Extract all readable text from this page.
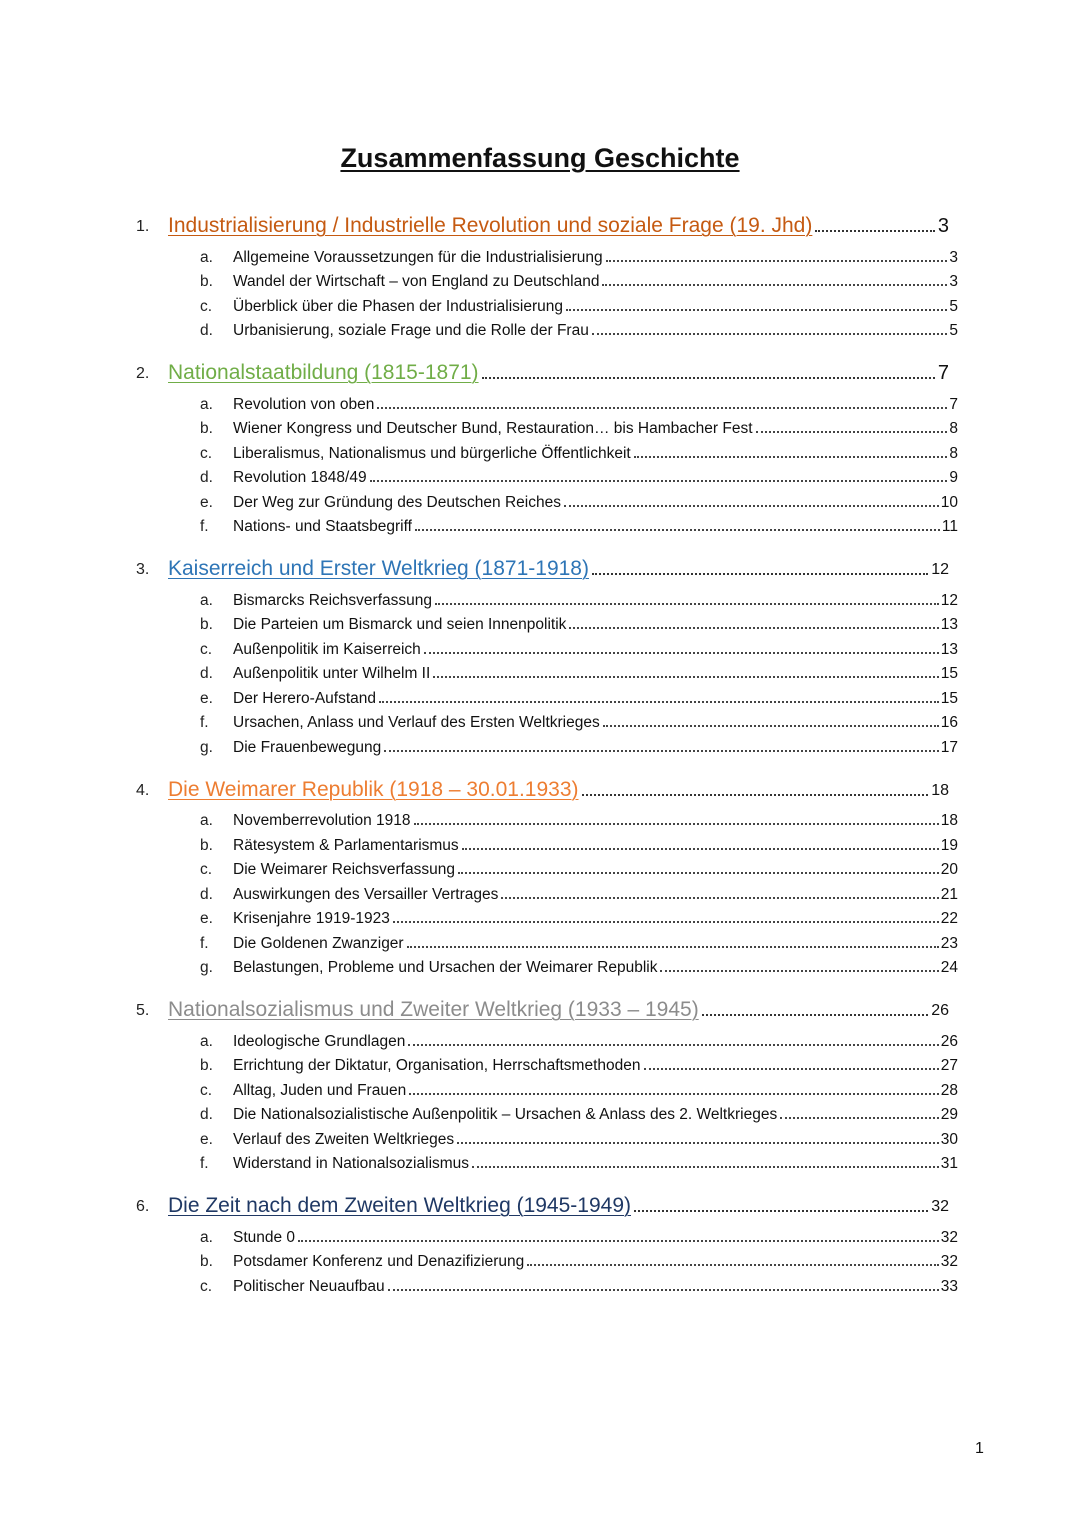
Zusammenfassung Geschichte
1. Industrialisierung / Industrielle Revolution und soziale Frage (19. Jhd)	3
a.	Allgemeine Voraussetzungen für die Industrialisierung	3
b.	Wandel der Wirtschaft – von England zu Deutschland	3
c.	Überblick über die Phasen der Industrialisierung	5
d.	Urbanisierung, soziale Frage und die Rolle der Frau	5
2. Nationalstaatbildung (1815-1871)	7
a.	Revolution von oben	7
b.	Wiener Kongress und Deutscher Bund, Restauration… bis Hambacher Fest	8
c.	Liberalismus, Nationalismus und bürgerliche Öffentlichkeit	8
d.	Revolution 1848/49	9
e.	Der Weg zur Gründung des Deutschen Reiches	10
f.	Nations- und Staatsbegriff	11
3. Kaiserreich und Erster Weltkrieg (1871-1918)	12
a.	Bismarcks Reichsverfassung	12
b.	Die Parteien um Bismarck und seien Innenpolitik	13
c.	Außenpolitik im Kaiserreich	13
d.	Außenpolitik unter Wilhelm II	15
e.	Der Herero-Aufstand	15
f.	Ursachen, Anlass und Verlauf des Ersten Weltkrieges	16
g.	Die Frauenbewegung	17
4. Die Weimarer Republik (1918 – 30.01.1933)	18
a.	Novemberrevolution 1918	18
b.	Rätesystem & Parlamentarismus	19
c.	Die Weimarer Reichsverfassung	20
d.	Auswirkungen des Versailler Vertrages	21
e.	Krisenjahre 1919-1923	22
f.	Die Goldenen Zwanziger	23
g.	Belastungen, Probleme und Ursachen der Weimarer Republik	24
5. Nationalsozialismus und Zweiter Weltkrieg (1933 – 1945)	26
a.	Ideologische Grundlagen	26
b.	Errichtung der Diktatur, Organisation, Herrschaftsmethoden	27
c.	Alltag, Juden und Frauen	28
d.	Die Nationalsozialistische Außenpolitik – Ursachen & Anlass des 2. Weltkrieges	29
e.	Verlauf des Zweiten Weltkrieges	30
f.	Widerstand in Nationalsozialismus	31
6. Die Zeit nach dem Zweiten Weltkrieg (1945-1949)	32
a.	Stunde 0	32
b.	Potsdamer Konferenz und Denazifizierung	32
c.	Politischer Neuaufbau	33
1
